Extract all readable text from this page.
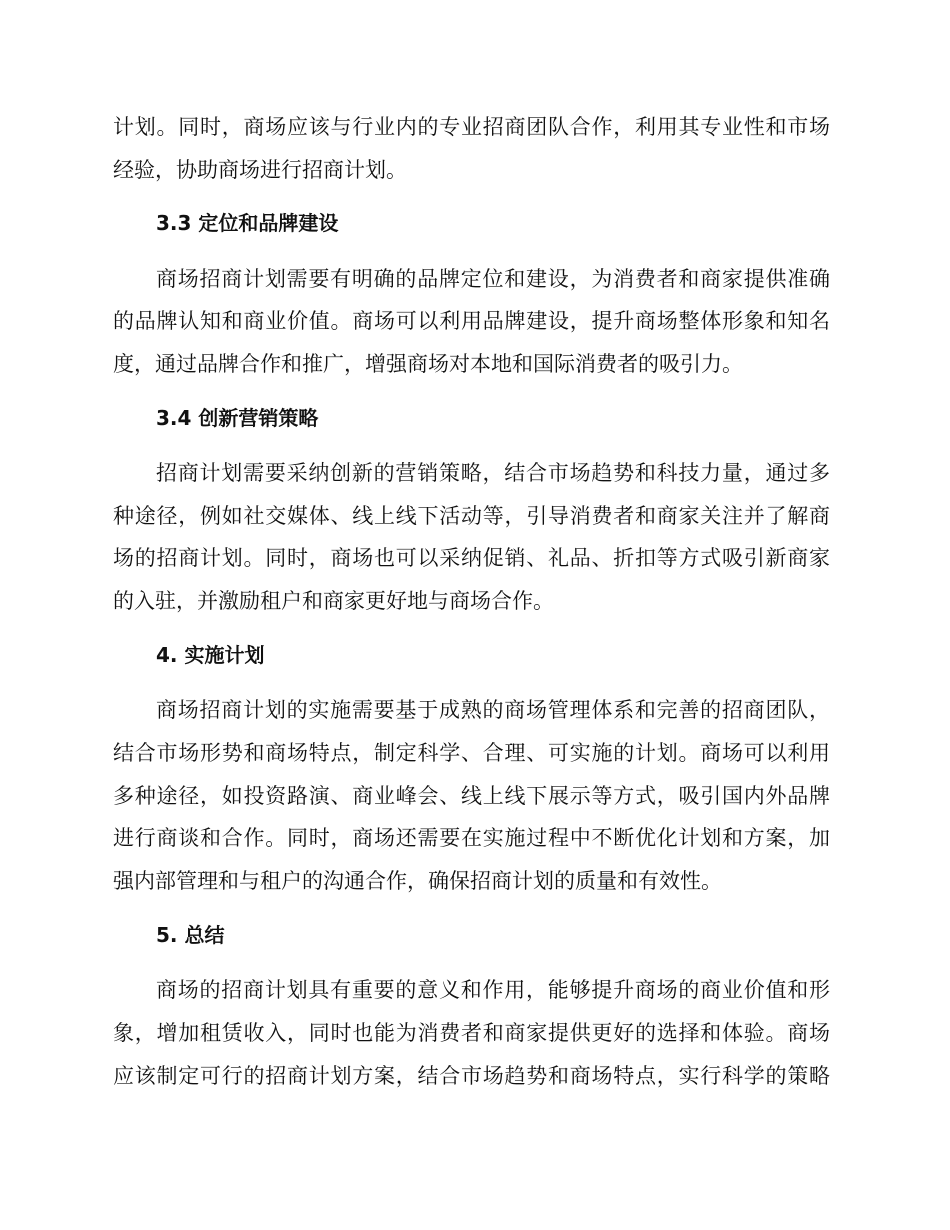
计划。同时，商场应该与行业内的专业招商团队合作，利用其专业性和市场
经验，协助商场进行招商计划。
3.3 定位和品牌建设
商场招商计划需要有明确的品牌定位和建设，为消费者和商家提供准确
的品牌认知和商业价值。商场可以利用品牌建设，提升商场整体形象和知名
度，通过品牌合作和推广，增强商场对本地和国际消费者的吸引力。
3.4 创新营销策略
招商计划需要采纳创新的营销策略，结合市场趋势和科技力量，通过多
种途径，例如社交媒体、线上线下活动等，引导消费者和商家关注并了解商
场的招商计划。同时，商场也可以采纳促销、礼品、折扣等方式吸引新商家
的入驻，并激励租户和商家更好地与商场合作。
4. 实施计划
商场招商计划的实施需要基于成熟的商场管理体系和完善的招商团队，
结合市场形势和商场特点，制定科学、合理、可实施的计划。商场可以利用
多种途径，如投资路演、商业峰会、线上线下展示等方式，吸引国内外品牌
进行商谈和合作。同时，商场还需要在实施过程中不断优化计划和方案，加
强内部管理和与租户的沟通合作，确保招商计划的质量和有效性。
5. 总结
商场的招商计划具有重要的意义和作用，能够提升商场的商业价值和形
象，增加租赁收入，同时也能为消费者和商家提供更好的选择和体验。商场
应该制定可行的招商计划方案，结合市场趋势和商场特点，实行科学的策略
